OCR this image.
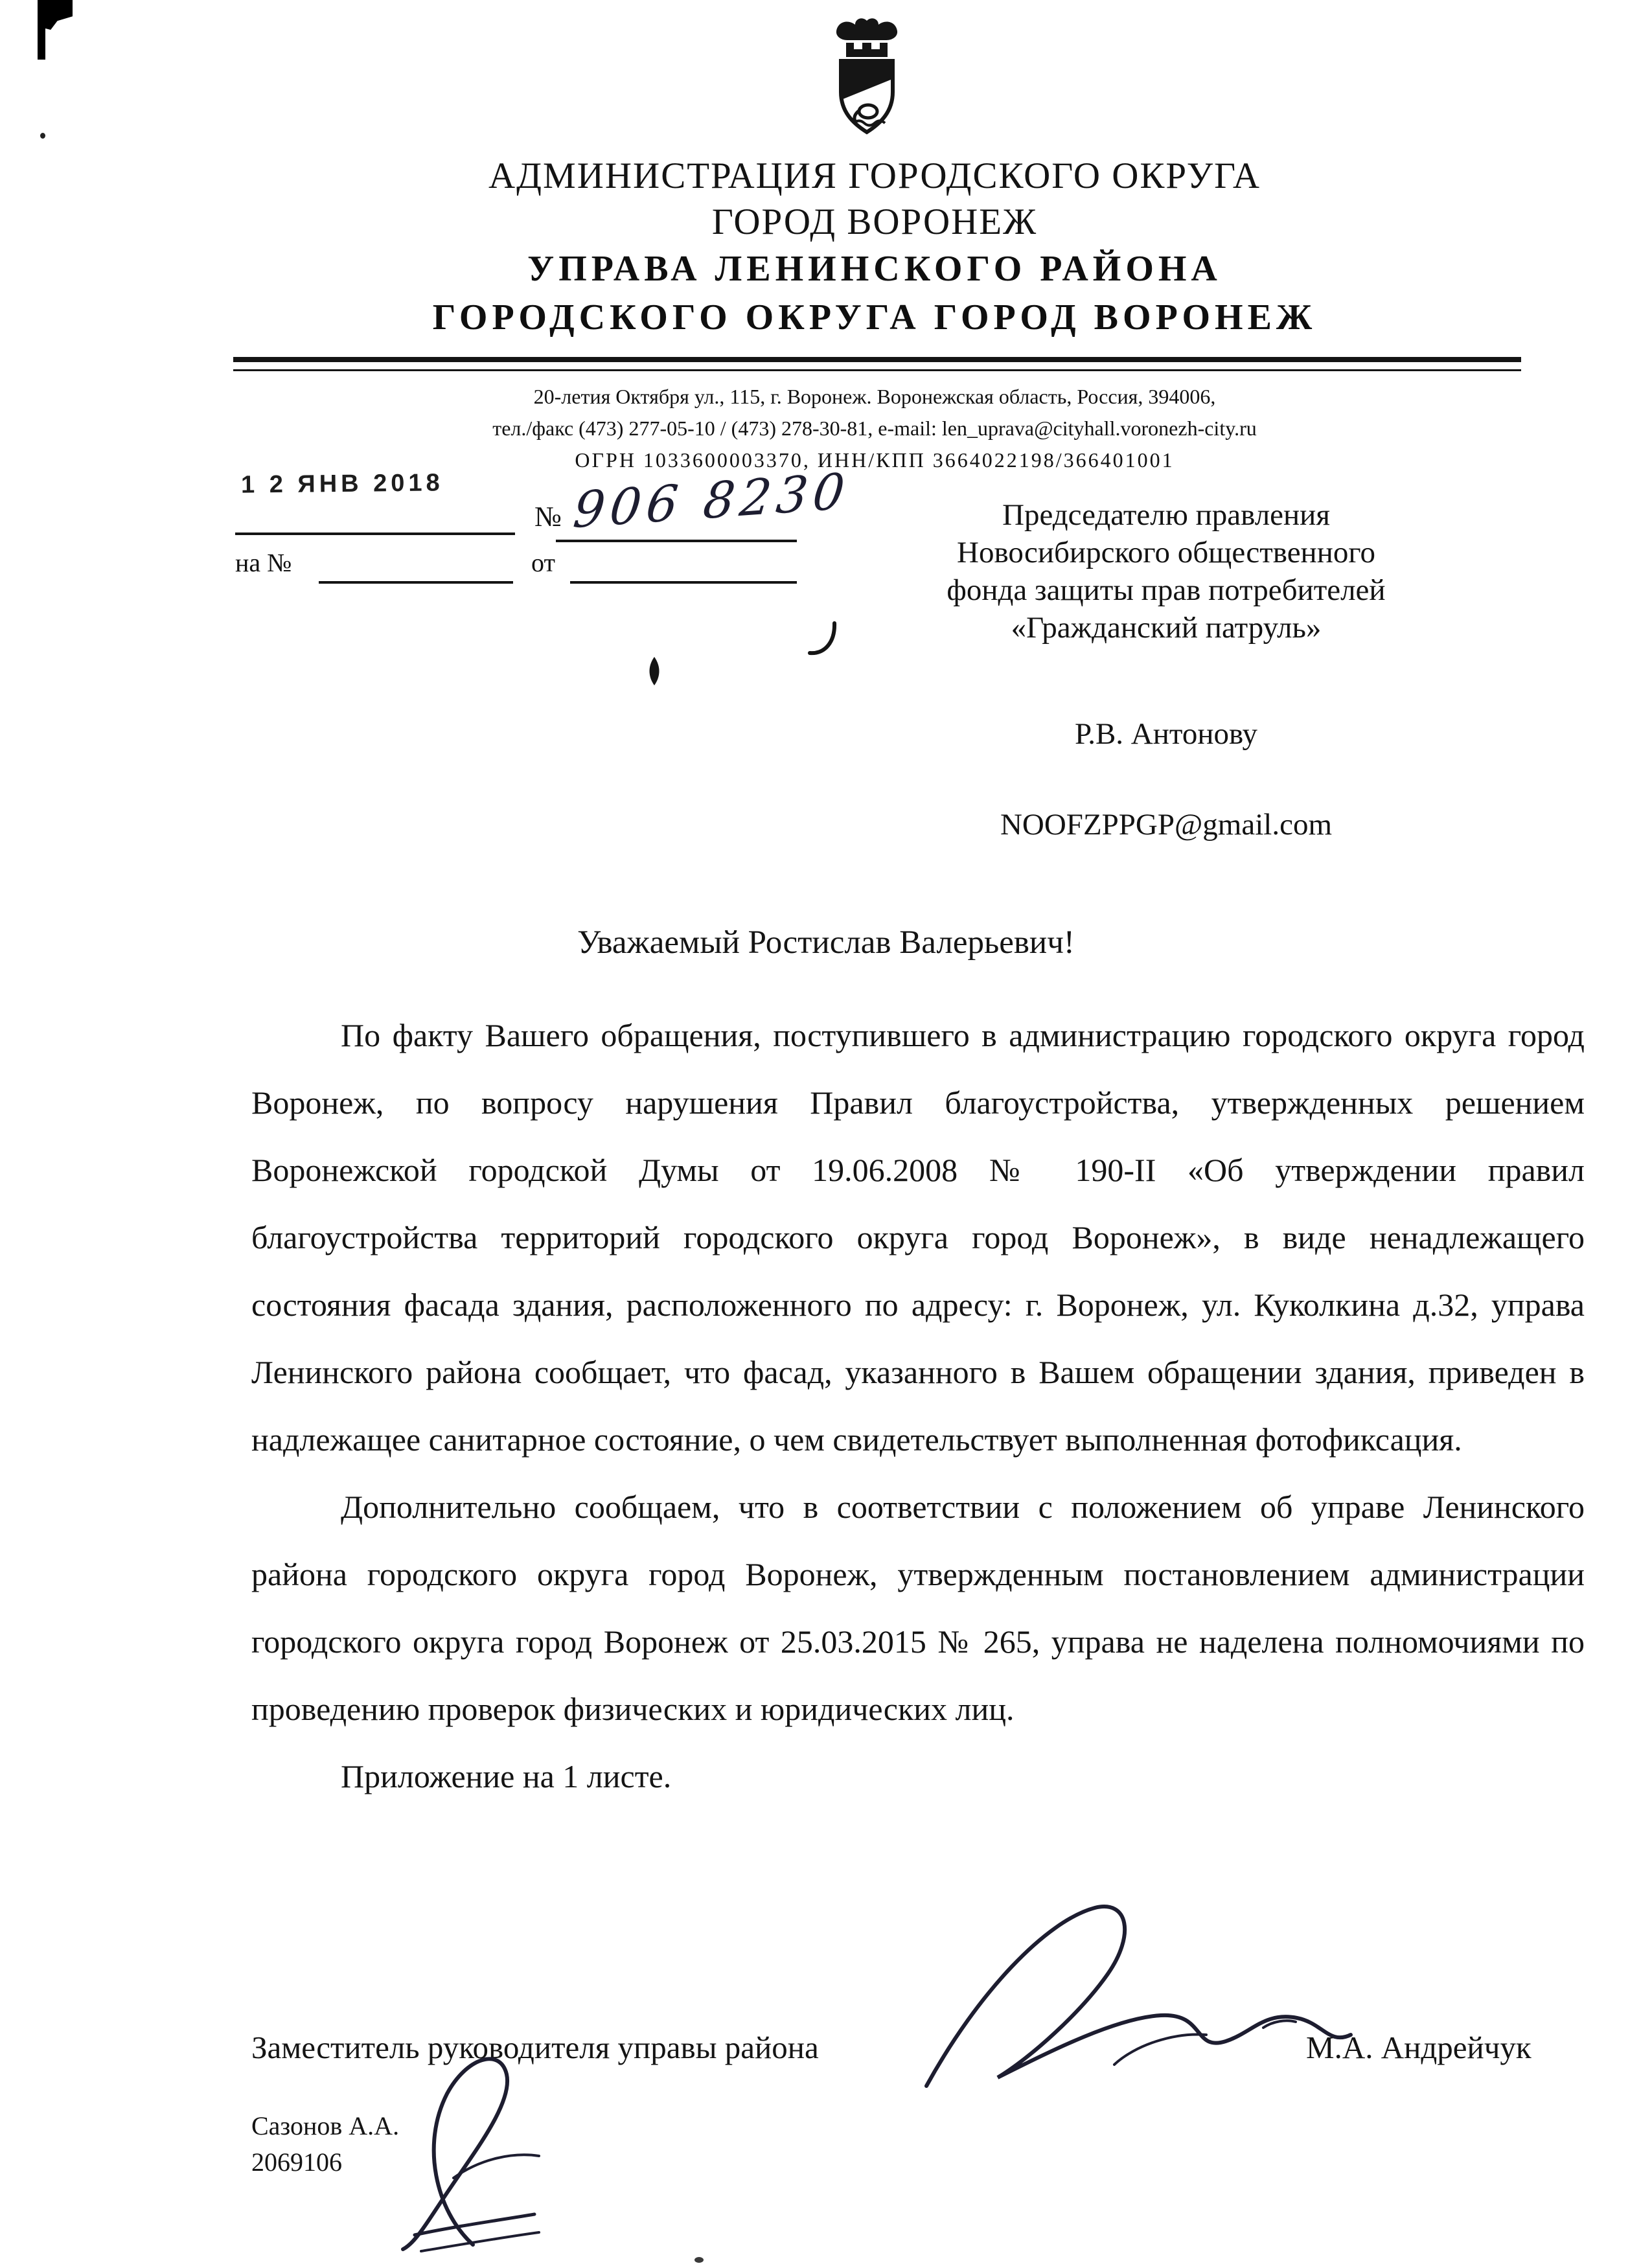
АДМИНИСТРАЦИЯ ГОРОДСКОГО ОКРУГА
ГОРОД ВОРОНЕЖ
УПРАВА ЛЕНИНСКОГО РАЙОНА
ГОРОДСКОГО ОКРУГА ГОРОД ВОРОНЕЖ
20-летия Октября ул., 115, г. Воронеж. Воронежская область, Россия, 394006,
тел./факс (473) 277-05-10 / (473) 278-30-81, e-mail: len_uprava@cityhall.voronezh-city.ru
ОГРН 1033600003370, ИНН/КПП 3664022198/366401001
1 2 ЯНВ 2018
№ 906 8230
на №	от
Председателю правления
Новосибирского общественного
фонда защиты прав потребителей
«Гражданский патруль»
Р.В. Антонову
NOOFZPPGP@gmail.com
Уважаемый Ростислав Валерьевич!

По факту Вашего обращения, поступившего в администрацию городского округа город Воронеж, по вопросу нарушения Правил благоустройства, утвержденных решением Воронежской городской Думы от 19.06.2008 № 190-II «Об утверждении правил благоустройства территорий городского округа город Воронеж», в виде ненадлежащего состояния фасада здания, расположенного по адресу: г. Воронеж, ул. Куколкина д.32, управа Ленинского района сообщает, что фасад, указанного в Вашем обращении здания, приведен в надлежащее санитарное состояние, о чем свидетельствует выполненная фотофиксация.

Дополнительно сообщаем, что в соответствии с положением об управе Ленинского района городского округа город Воронеж, утвержденным постановлением администрации городского округа город Воронеж от 25.03.2015 № 265, управа не наделена полномочиями по проведению проверок физических и юридических лиц.

Приложение на 1 листе.

Заместитель руководителя управы района	М.А. Андрейчук
Сазонов А.А.
2069106
